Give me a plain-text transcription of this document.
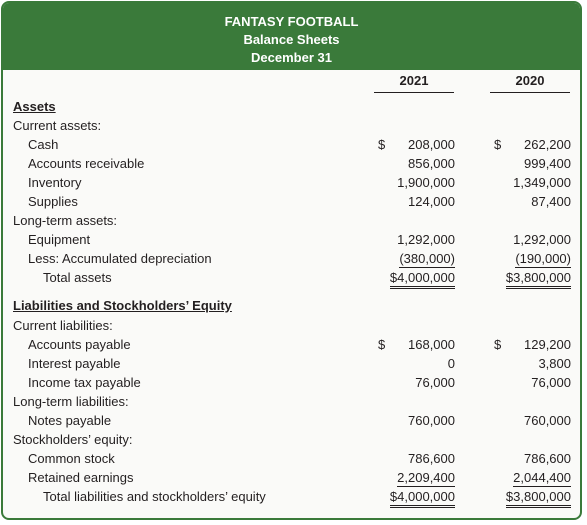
FANTASY FOOTBALL
Balance Sheets
December 31
2021	2020
Assets
Current assets:
Cash	$ 208,000	$ 262,200
Accounts receivable	856,000	999,400
Inventory	1,900,000	1,349,000
Supplies	124,000	87,400
Long-term assets:
Equipment	1,292,000	1,292,000
Less: Accumulated depreciation	(380,000)	(190,000)
Total assets	$4,000,000	$3,800,000
Liabilities and Stockholders’ Equity
Current liabilities:
Accounts payable	$ 168,000	$ 129,200
Interest payable	0	3,800
Income tax payable	76,000	76,000
Long-term liabilities:
Notes payable	760,000	760,000
Stockholders’ equity:
Common stock	786,600	786,600
Retained earnings	2,209,400	2,044,400
Total liabilities and stockholders’ equity	$4,000,000	$3,800,000
